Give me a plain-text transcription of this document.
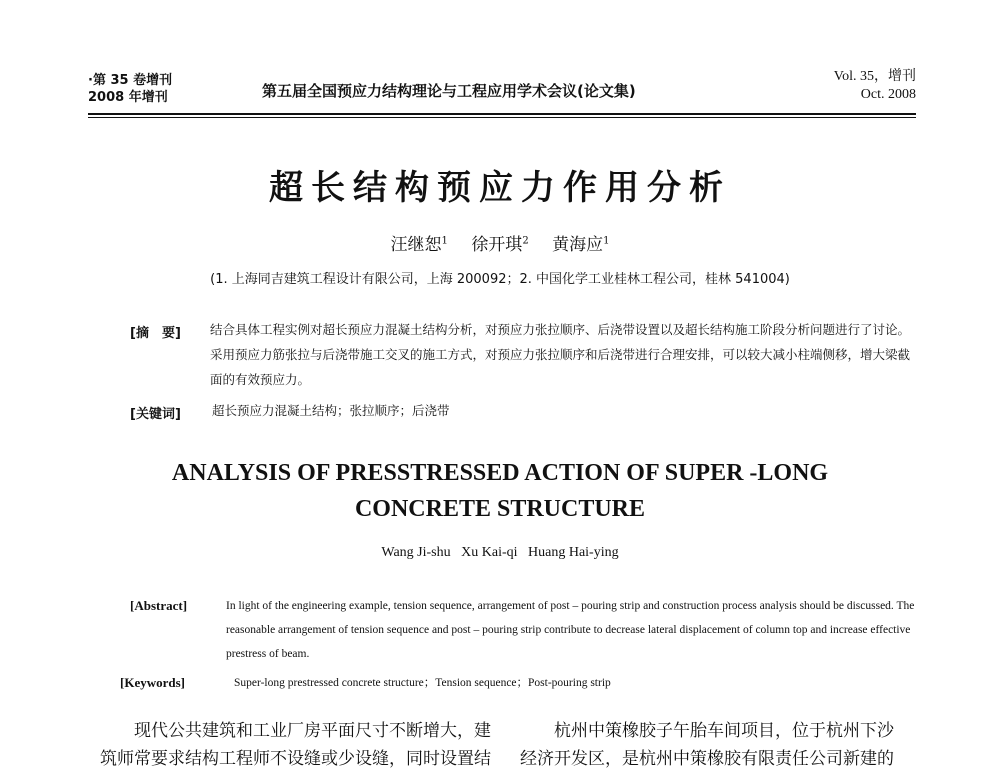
·第 35 卷增刊
2008 年增刊	第五届全国预应力结构理论与工程应用学术会议(论文集)
Vol. 35，增刊
Oct. 2008
超长结构预应力作用分析
汪继恕$^1$ 徐开琪$^2$ 黄海应$^1$
(1. 上海同吉建筑工程设计有限公司，上海 200092；2. 中国化学工业桂林工程公司，桂林 541004)
[摘　要] 结合具体工程实例对超长预应力混凝土结构分析，对预应力张拉顺序、后浇带设置以及超长结构施工阶段分析问题进行了讨论。采用预应力筋张拉与后浇带施工交叉的施工方式，对预应力张拉顺序和后浇带进行合理安排，可以较大减小柱端侧移，增大梁截面的有效预应力。
[关键词] 超长预应力混凝土结构；张拉顺序；后浇带
ANALYSIS OF PRESSTRESSED ACTION OF SUPER -LONG
CONCRETE STRUCTURE
Wang Ji-shu   Xu Kai-qi   Huang Hai-ying
[Abstract]	In light of the engineering example, tension sequence, arrangement of post – pouring strip and construction process analysis should be discussed. The reasonable arrangement of tension sequence and post – pouring strip contribute to decrease lateral displacement of column top and increase effective prestress of beam.
[Keywords]	Super-long prestressed concrete structure；Tension sequence；Post-pouring strip
　　现代公共建筑和工业厂房平面尺寸不断增大，建
筑师常要求结构工程师不设缝或少设缝，同时设置结
　　杭州中策橡胶子午胎车间项目，位于杭州下沙
经济开发区，是杭州中策橡胶有限责任公司新建的
